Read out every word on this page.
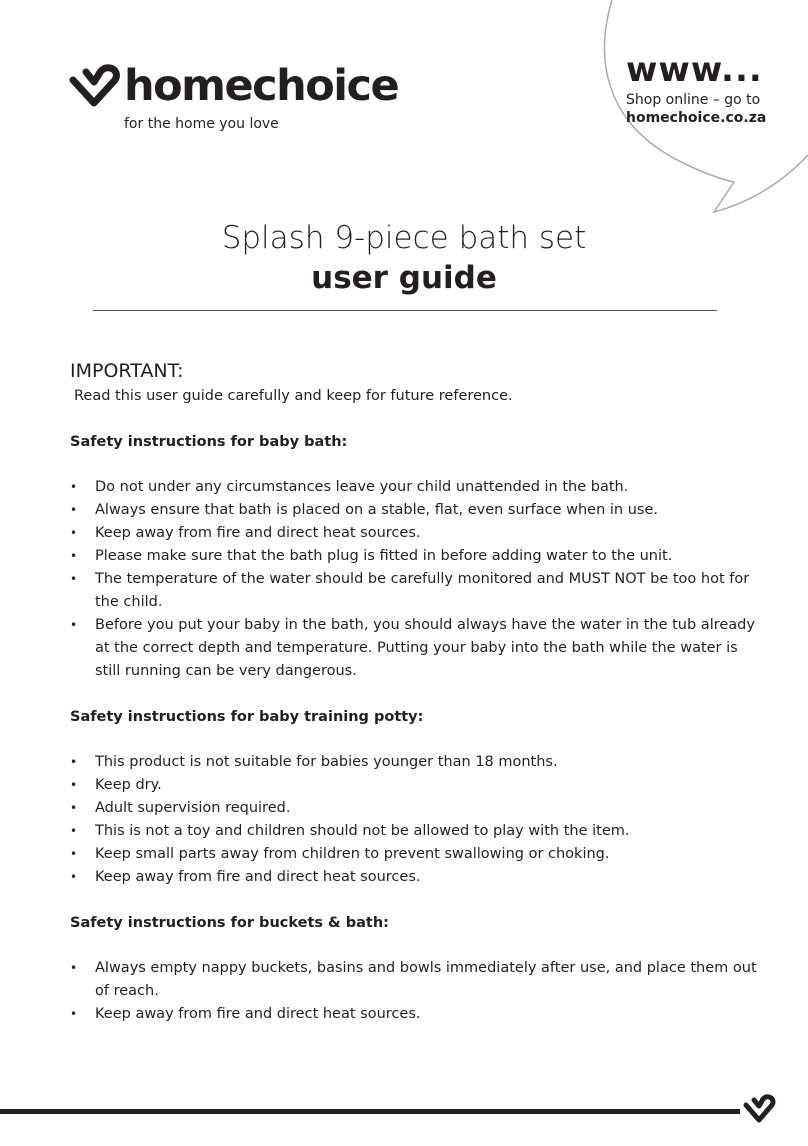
homechoice
for the home you love
www...
Shop online – go to
homechoice.co.za
Splash 9-piece bath set
user guide
IMPORTANT:

Read this user guide carefully and keep for future reference.

Safety instructions for baby bath:
• Do not under any circumstances leave your child unattended in the bath.
• Always ensure that bath is placed on a stable, flat, even surface when in use.
• Keep away from fire and direct heat sources.
• Please make sure that the bath plug is fitted in before adding water to the unit.
• The temperature of the water should be carefully monitored and MUST NOT be too hot for the child.
• Before you put your baby in the bath, you should always have the water in the tub already at the correct depth and temperature. Putting your baby into the bath while the water is still running can be very dangerous.
Safety instructions for baby training potty:
• This product is not suitable for babies younger than 18 months.
• Keep dry.
• Adult supervision required.
• This is not a toy and children should not be allowed to play with the item.
• Keep small parts away from children to prevent swallowing or choking.
• Keep away from fire and direct heat sources.
Safety instructions for buckets & bath:
• Always empty nappy buckets, basins and bowls immediately after use, and place them out of reach.
• Keep away from fire and direct heat sources.
